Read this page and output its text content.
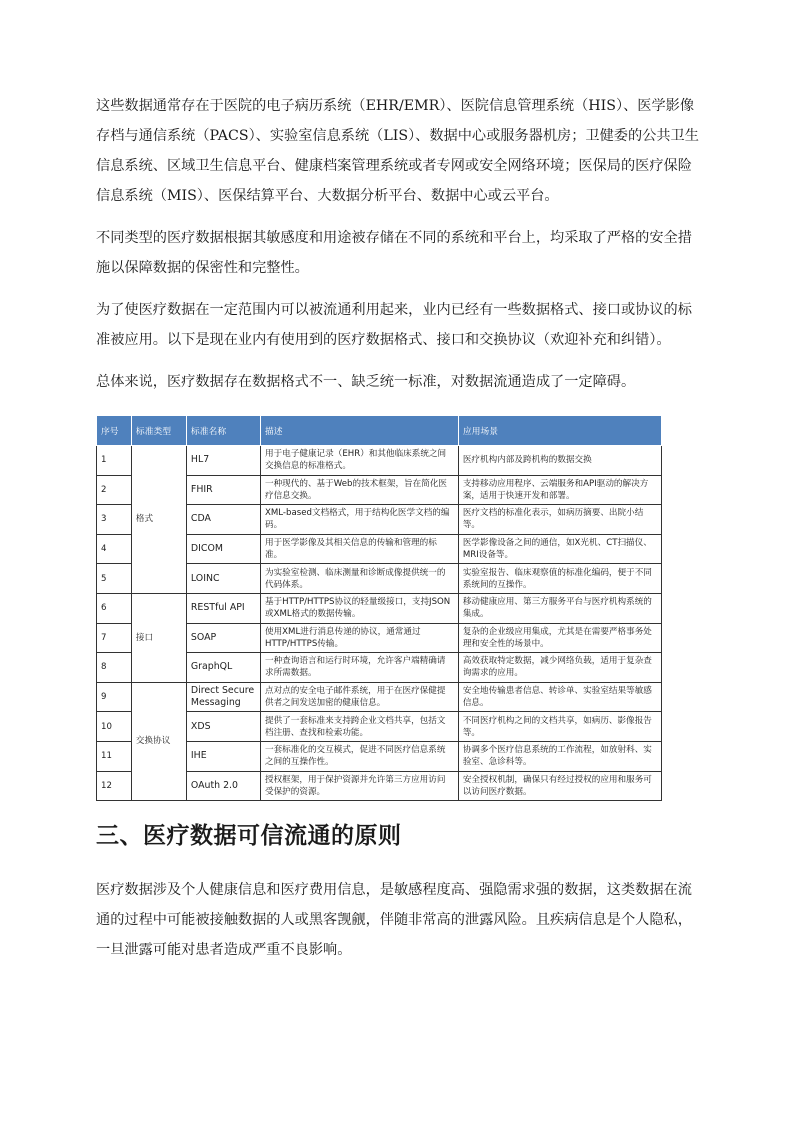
这些数据通常存在于医院的电子病历系统（EHR/EMR）、医院信息管理系统（HIS）、医学影像存档与通信系统（PACS）、实验室信息系统（LIS）、数据中心或服务器机房；卫健委的公共卫生信息系统、区域卫生信息平台、健康档案管理系统或者专网或安全网络环境；医保局的医疗保险信息系统（MIS）、医保结算平台、大数据分析平台、数据中心或云平台。

不同类型的医疗数据根据其敏感度和用途被存储在不同的系统和平台上，均采取了严格的安全措施以保障数据的保密性和完整性。

为了使医疗数据在一定范围内可以被流通利用起来，业内已经有一些数据格式、接口或协议的标准被应用。以下是现在业内有使用到的医疗数据格式、接口和交换协议（欢迎补充和纠错）。

总体来说，医疗数据存在数据格式不一、缺乏统一标准，对数据流通造成了一定障碍。

序号	标准类型	标准名称	描述	应用场景
1	格式	HL7	用于电子健康记录（EHR）和其他临床系统之间交换信息的标准格式。	医疗机构内部及跨机构的数据交换
2		FHIR	一种现代的、基于Web的技术框架，旨在简化医疗信息交换。	支持移动应用程序、云端服务和API驱动的解决方案，适用于快速开发和部署。
3		CDA	XML-based文档格式，用于结构化医学文档的编码。	医疗文档的标准化表示，如病历摘要、出院小结等。
4		DICOM	用于医学影像及其相关信息的传输和管理的标准。	医学影像设备之间的通信，如X光机、CT扫描仪、MRI设备等。
5		LOINC	为实验室检测、临床测量和诊断成像提供统一的代码体系。	实验室报告、临床观察值的标准化编码，便于不同系统间的互操作。
6	接口	RESTful API	基于HTTP/HTTPS协议的轻量级接口，支持JSON或XML格式的数据传输。	移动健康应用、第三方服务平台与医疗机构系统的集成。
7		SOAP	使用XML进行消息传递的协议，通常通过HTTP/HTTPS传输。	复杂的企业级应用集成，尤其是在需要严格事务处理和安全性的场景中。
8		GraphQL	一种查询语言和运行时环境，允许客户端精确请求所需数据。	高效获取特定数据，减少网络负载，适用于复杂查询需求的应用。
9	交换协议	Direct Secure Messaging	点对点的安全电子邮件系统，用于在医疗保健提供者之间发送加密的健康信息。	安全地传输患者信息、转诊单、实验室结果等敏感信息。
10		XDS	提供了一套标准来支持跨企业文档共享，包括文档注册、查找和检索功能。	不同医疗机构之间的文档共享，如病历、影像报告等。
11		IHE	一套标准化的交互模式，促进不同医疗信息系统之间的互操作性。	协调多个医疗信息系统的工作流程，如放射科、实验室、急诊科等。
12		OAuth 2.0	授权框架，用于保护资源并允许第三方应用访问受保护的资源。	安全授权机制，确保只有经过授权的应用和服务可以访问医疗数据。
三、医疗数据可信流通的原则

医疗数据涉及个人健康信息和医疗费用信息，是敏感程度高、强隐需求强的数据，这类数据在流通的过程中可能被接触数据的人或黑客觊觎，伴随非常高的泄露风险。且疾病信息是个人隐私，一旦泄露可能对患者造成严重不良影响。
